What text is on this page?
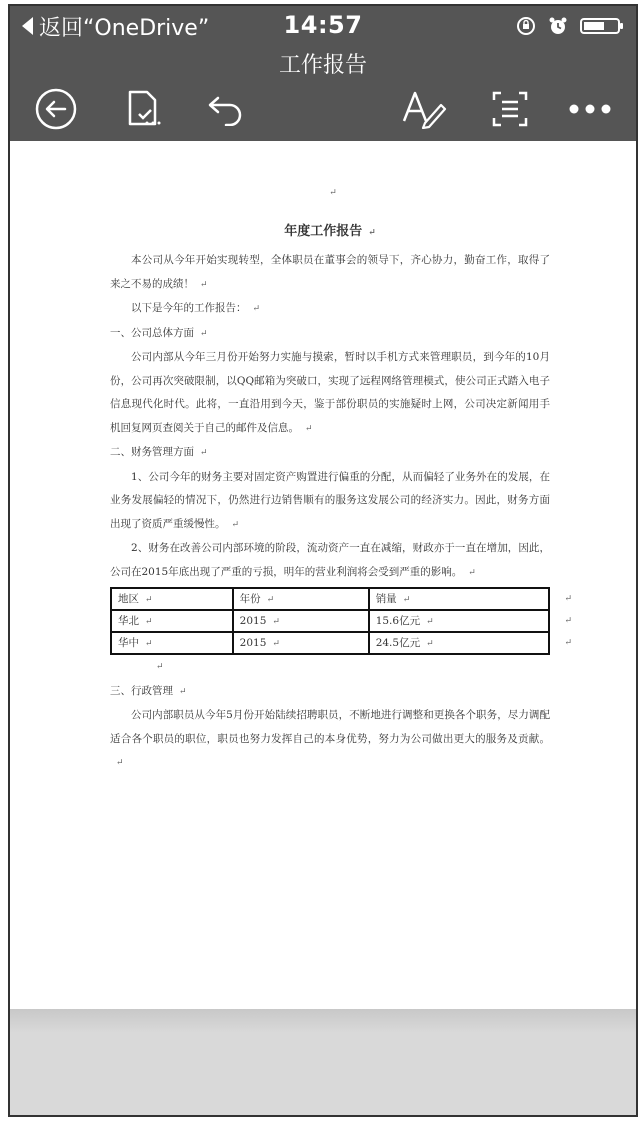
返回“OneDrive”	14:57
工作报告
↵
年度工作报告 ↵

本公司从今年开始实现转型，全体职员在董事会的领导下，齐心协力，勤奋工作，取得了来之不易的成绩！ ↵

以下是今年的工作报告： ↵

一、公司总体方面 ↵

公司内部从今年三月份开始努力实施与摸索，暂时以手机方式来管理职员，到今年的10月份，公司再次突破限制，以QQ邮箱为突破口，实现了远程网络管理模式，使公司正式踏入电子信息现代化时代。此将，一直沿用到今天，鉴于部份职员的实施疑时上网，公司决定新闻用手机回复网页查阅关于自己的邮件及信息。 ↵

二、财务管理方面 ↵

1、公司今年的财务主要对固定资产购置进行偏重的分配，从而偏轻了业务外在的发展，在业务发展偏轻的情况下，仍然进行边销售顺有的服务这发展公司的经济实力。因此，财务方面出现了资质严重缓慢性。 ↵

2、财务在改善公司内部环境的阶段，流动资产一直在减缩，财政亦于一直在增加，因此，公司在2015年底出现了严重的亏损，明年的营业利润将会受到严重的影响。 ↵

地区 ↵	年份 ↵	销量 ↵
华北 ↵	2015 ↵	15.6亿元 ↵
华中 ↵	2015 ↵	24.5亿元 ↵
↵
↵
↵
↵

三、行政管理 ↵

公司内部职员从今年5月份开始陆续招聘职员，不断地进行调整和更换各个职务，尽力调配适合各个职员的职位，职员也努力发挥自己的本身优势，努力为公司做出更大的服务及贡献。↵
